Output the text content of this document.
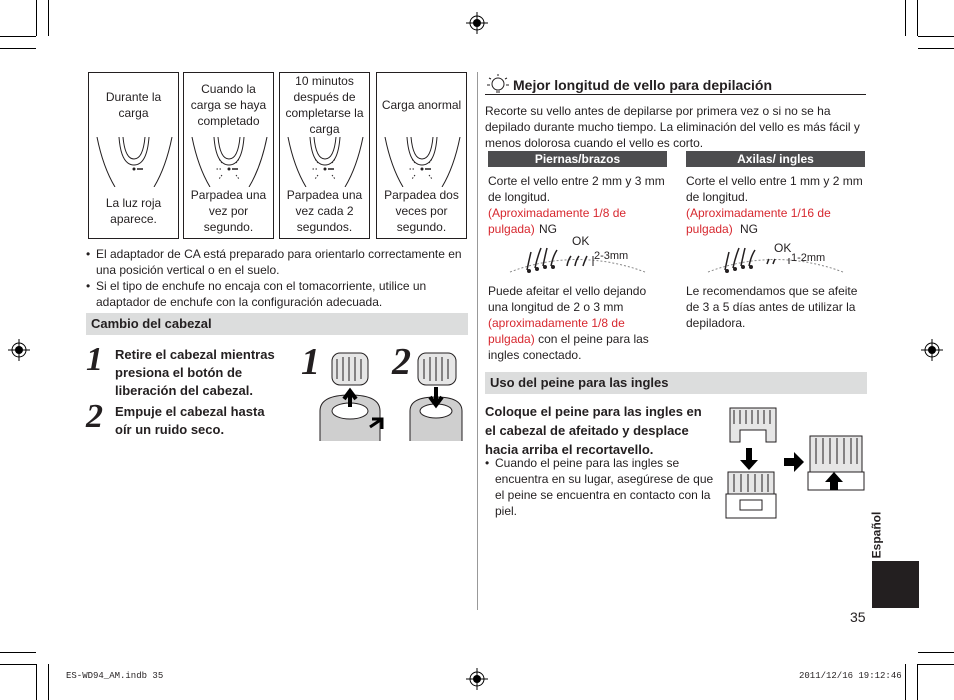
Durante la carga
La luz roja aparece.
Cuando la carga se haya completado
Parpadea una vez por segundo.
10 minutos después de completarse la carga
Parpadea una vez cada 2 segundos.
Carga anormal
Parpadea dos veces por segundo.
• El adaptador de CA está preparado para orientarlo correctamente en una posición vertical o en el suelo.
• Si el tipo de enchufe no encaja con el tomacorriente, utilice un adaptador de enchufe con la configuración adecuada.
Cambio del cabezal
1 Retire el cabezal mientras presiona el botón de liberación del cabezal.
2 Empuje el cabezal hasta oír un ruido seco.
1 2
Mejor longitud de vello para depilación
Recorte su vello antes de depilarse por primera vez o si no se ha depilado durante mucho tiempo. La eliminación del vello es más fácil y menos dolorosa cuando el vello es corto.
Piernas/brazos
Corte el vello entre 2 mm y 3 mm de longitud.
(Aproximadamente 1/8 de pulgada) NG
OK
2-3mm
Puede afeitar el vello dejando una longitud de 2 o 3 mm (aproximadamente 1/8 de pulgada) con el peine para las ingles conectado.
Axilas/ ingles
Corte el vello entre 1 mm y 2 mm de longitud.
(Aproximadamente 1/16 de pulgada) NG
OK
1-2mm
Le recomendamos que se afeite de 3 a 5 días antes de utilizar la depiladora.
Uso del peine para las ingles
Coloque el peine para las ingles en el cabezal de afeitado y desplace hacia arriba el recortavello.
• Cuando el peine para las ingles se encuentra en su lugar, asegúrese de que el peine se encuentra en contacto con la piel.
Español
35
ES-WD94_AM.indb 35	2011/12/16 19:12:46
